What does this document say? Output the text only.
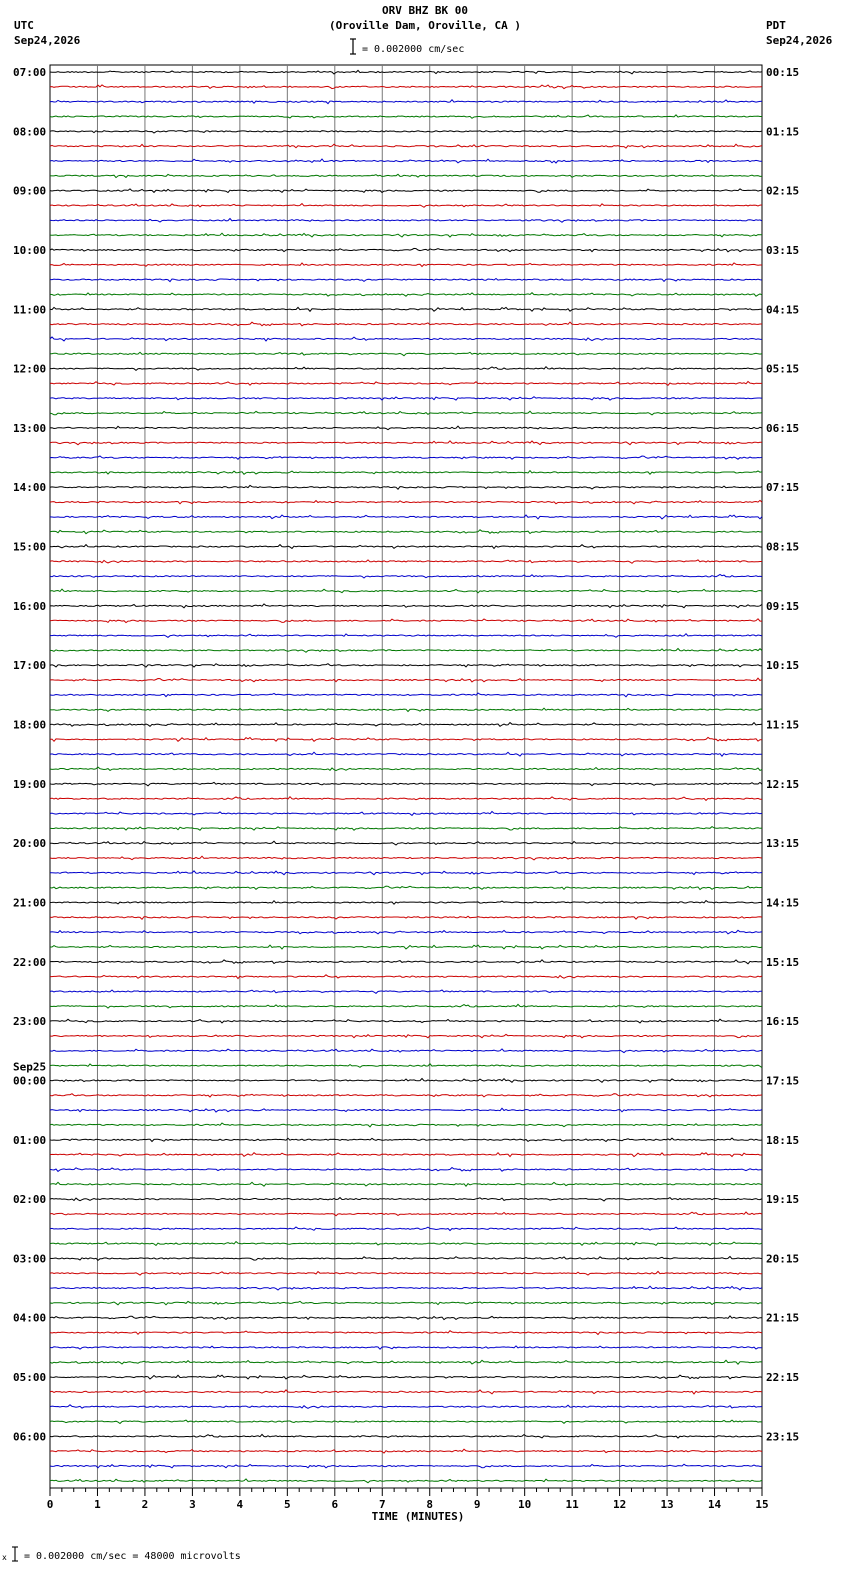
ORV BHZ BK 00
(Oroville Dam, Oroville, CA )
UTC
Sep24,2026
PDT
Sep24,2026
= 0.002000 cm/sec
07:00
08:00
09:00
10:00
11:00
12:00
13:00
14:00
15:00
16:00
17:00
18:00
19:00
20:00
21:00
22:00
23:00
00:00
01:00
02:00
03:00
04:00
05:00
06:00
Sep25
00:15
01:15
02:15
03:15
04:15
05:15
06:15
07:15
08:15
09:15
10:15
11:15
12:15
13:15
14:15
15:15
16:15
17:15
18:15
19:15
20:15
21:15
22:15
23:15
0	1	2	3	4	5	6	7	8	9	10	11	12	13	14	15
TIME (MINUTES)
x = 0.002000 cm/sec = 48000 microvolts
